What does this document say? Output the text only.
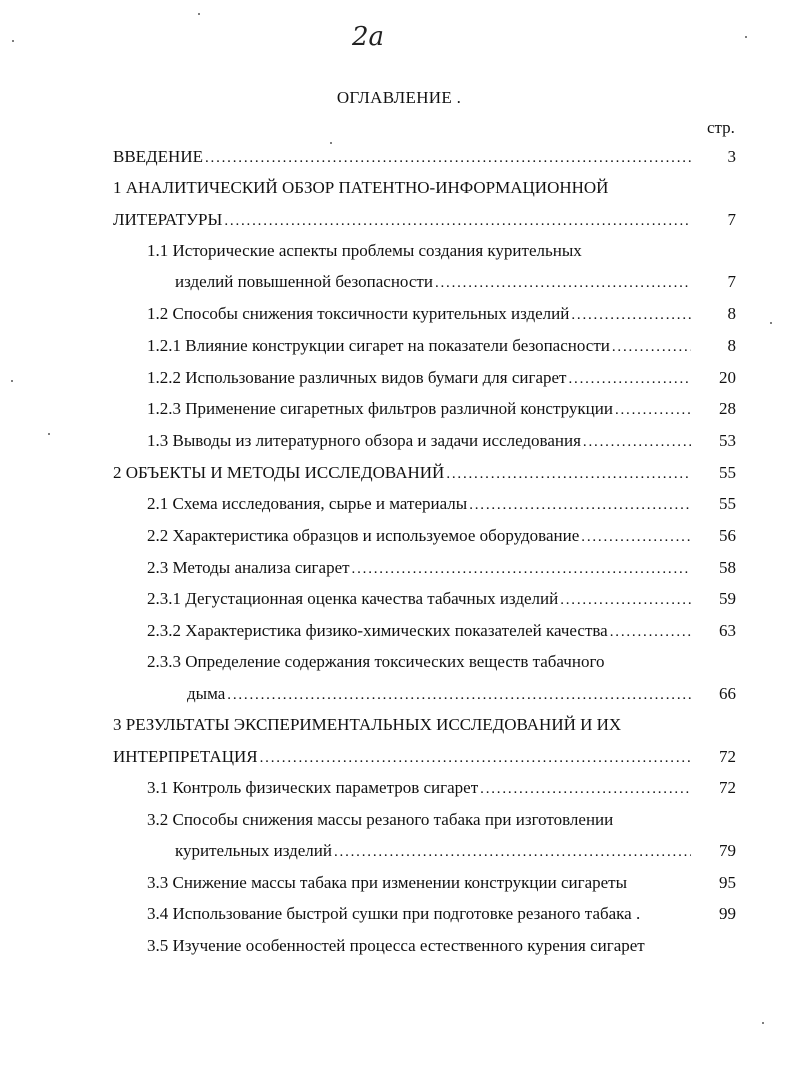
2а
ОГЛАВЛЕНИЕ .
стр.
ВВЕДЕНИЕ .....	3
1 АНАЛИТИЧЕСКИЙ ОБЗОР ПАТЕНТНО-ИНФОРМАЦИОННОЙ
ЛИТЕРАТУРЫ .....	7
1.1 Исторические аспекты проблемы создания курительных
изделий повышенной безопасности .....	7
1.2 Способы снижения токсичности курительных изделий .....	8
1.2.1 Влияние конструкции сигарет на показатели безопасности .....	8
1.2.2 Использование различных видов бумаги для сигарет .....	20
1.2.3 Применение сигаретных фильтров различной конструкции .....	28
1.3 Выводы из литературного обзора и задачи исследования .....	53
2 ОБЪЕКТЫ И МЕТОДЫ ИССЛЕДОВАНИЙ .....	55
2.1 Схема исследования, сырье и материалы .....	55
2.2 Характеристика образцов и используемое оборудование .....	56
2.3 Методы анализа сигарет .....	58
2.3.1 Дегустационная оценка качества табачных изделий .....	59
2.3.2 Характеристика физико-химических показателей качества .....	63
2.3.3 Определение содержания токсических веществ табачного
дыма .....	66
3 РЕЗУЛЬТАТЫ ЭКСПЕРИМЕНТАЛЬНЫХ ИССЛЕДОВАНИЙ И ИХ
ИНТЕРПРЕТАЦИЯ .....	72
3.1 Контроль физических параметров сигарет .....	72
3.2 Способы снижения массы резаного табака при изготовлении
курительных изделий .....	79
3.3 Снижение массы табака при изменении конструкции сигареты	95
3.4 Использование быстрой сушки при подготовке резаного табака .	99
3.5 Изучение особенностей процесса естественного курения сигарет
